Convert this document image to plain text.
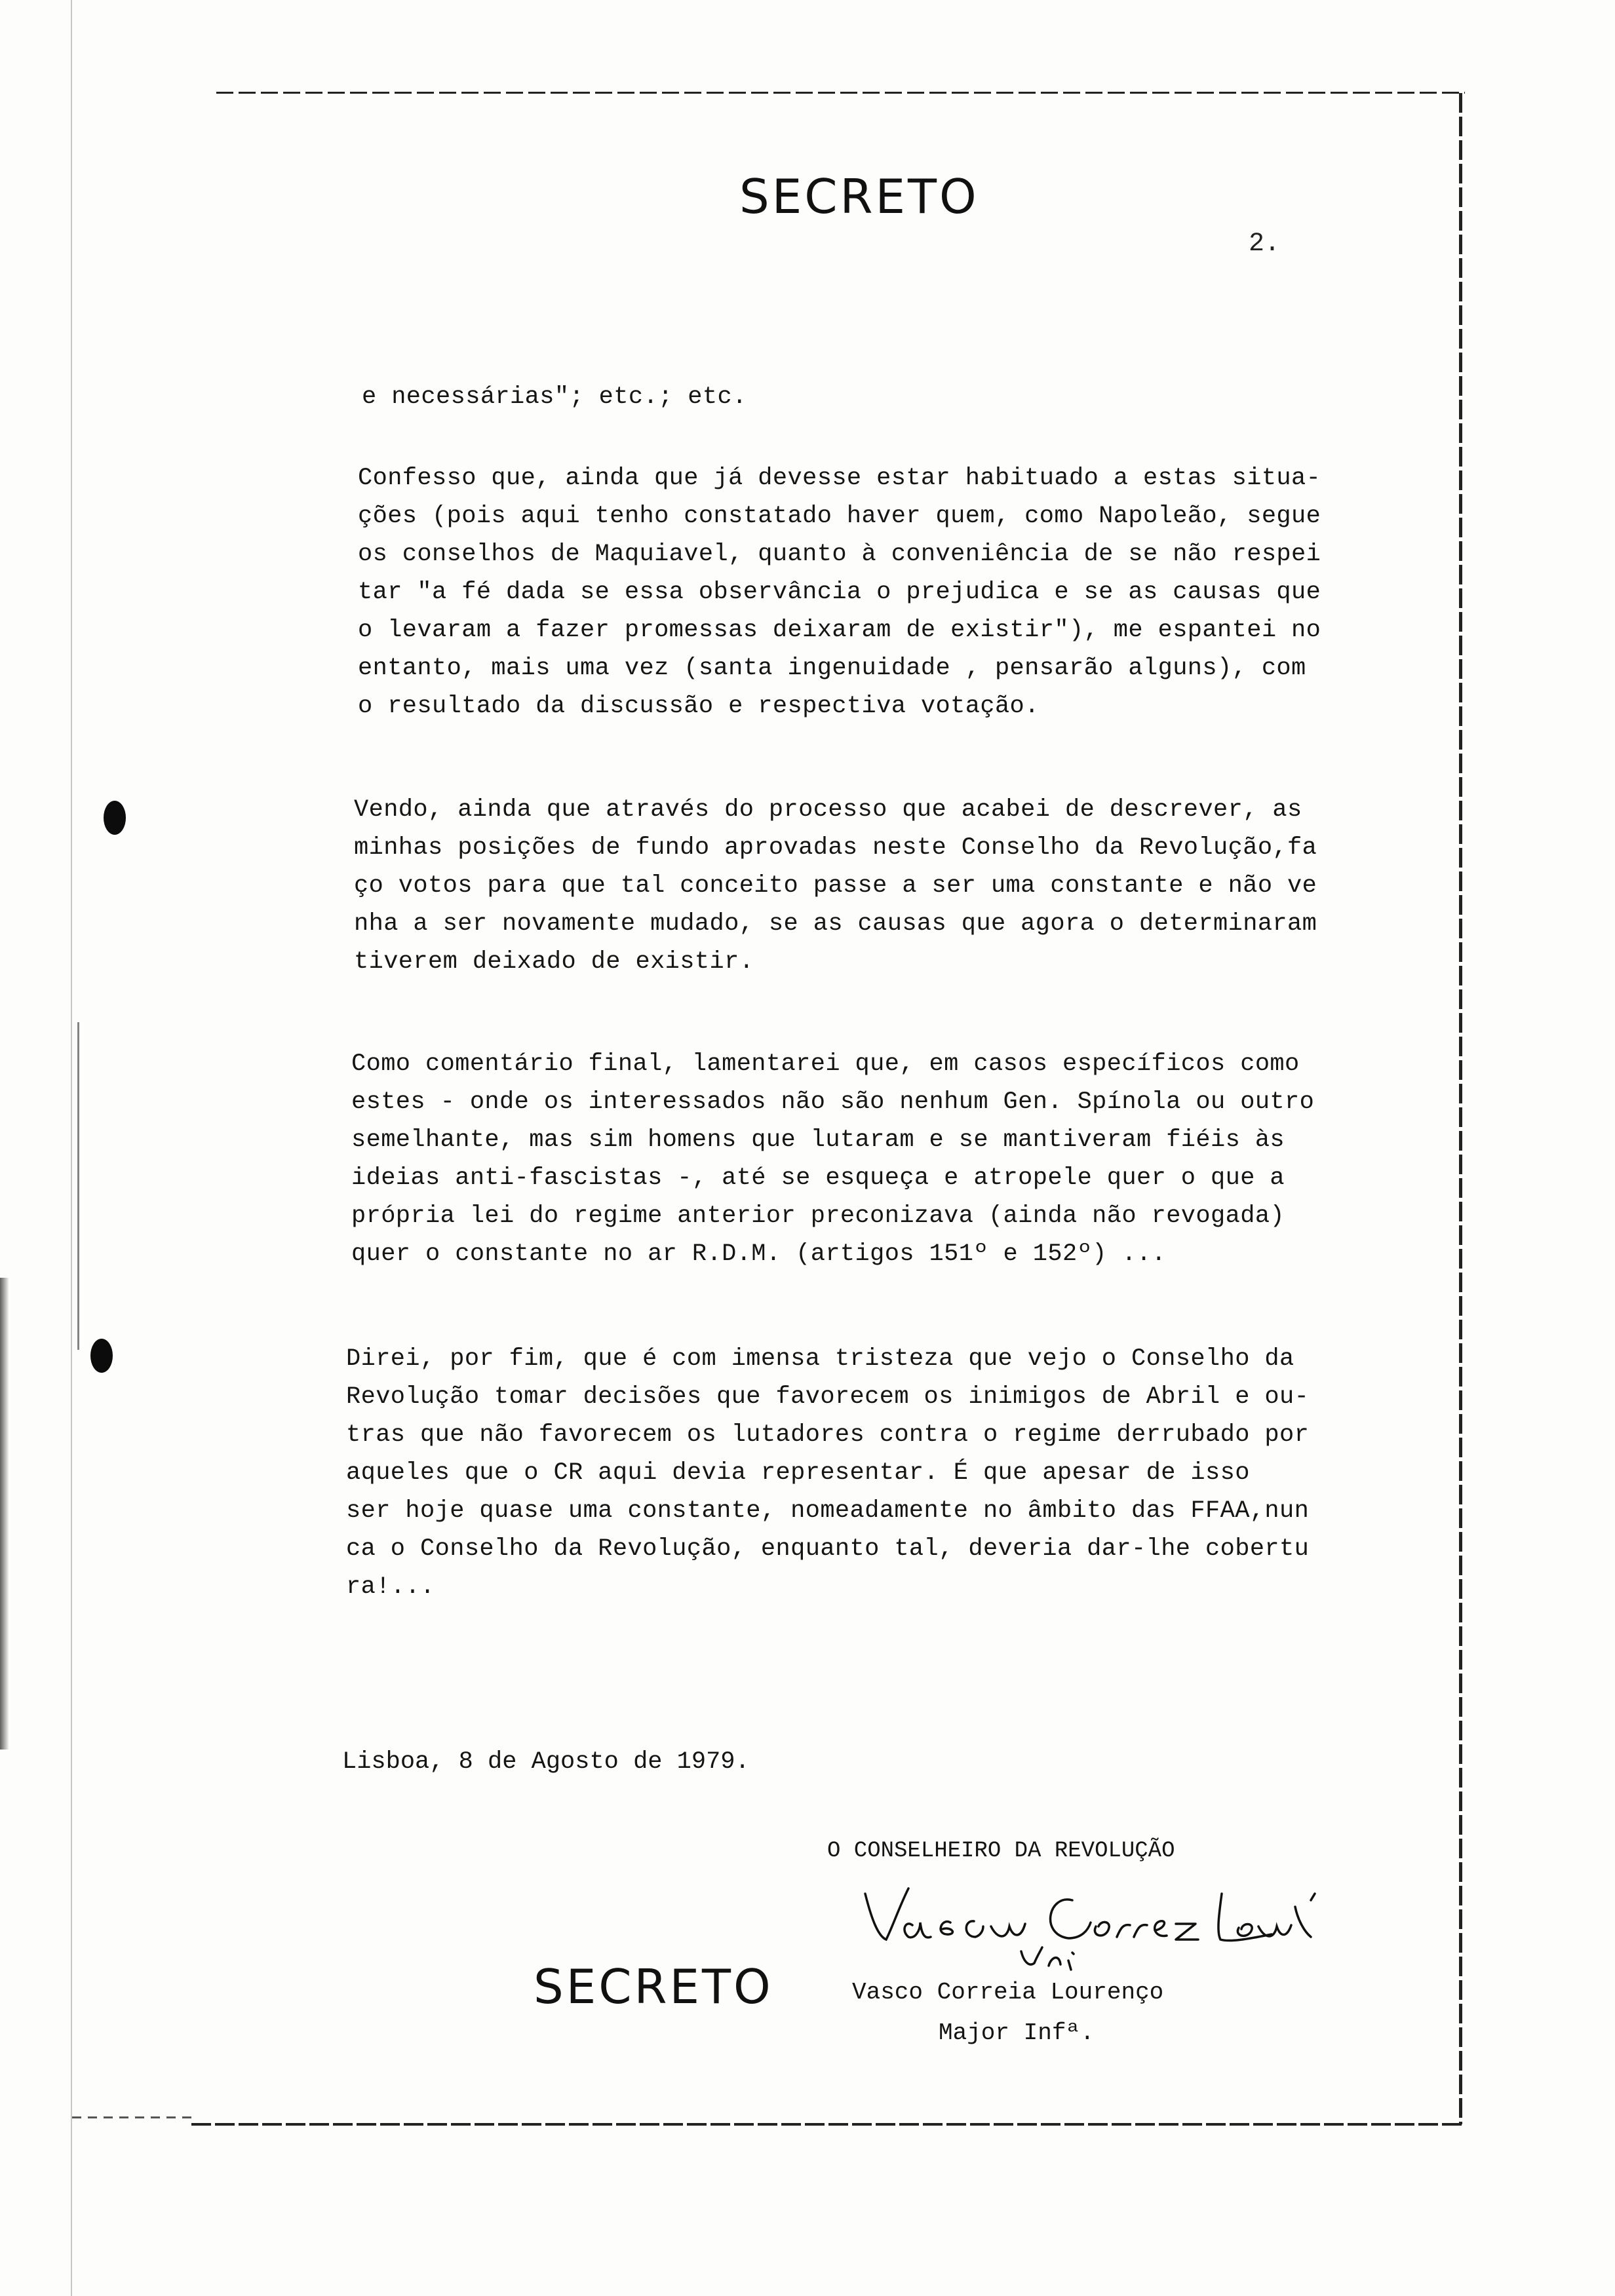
SECRETO
2.
e necessárias"; etc.; etc.
Confesso que, ainda que já devesse estar habituado a estas situa-
ções (pois aqui tenho constatado haver quem, como Napoleão, segue
os conselhos de Maquiavel, quanto à conveniência de se não respei
tar "a fé dada se essa observância o prejudica e se as causas que
o levaram a fazer promessas deixaram de existir"), me espantei no
entanto, mais uma vez (santa ingenuidade , pensarão alguns), com
o resultado da discussão e respectiva votação.
Vendo, ainda que através do processo que acabei de descrever, as
minhas posições de fundo aprovadas neste Conselho da Revolução,fa
ço votos para que tal conceito passe a ser uma constante e não ve
nha a ser novamente mudado, se as causas que agora o determinaram
tiverem deixado de existir.
Como comentário final, lamentarei que, em casos específicos como
estes - onde os interessados não são nenhum Gen. Spínola ou outro
semelhante, mas sim homens que lutaram e se mantiveram fiéis às
ideias anti-fascistas -, até se esqueça e atropele quer o que a
própria lei do regime anterior preconizava (ainda não revogada)
quer o constante no ar R.D.M. (artigos 151º e 152º) ...
Direi, por fim, que é com imensa tristeza que vejo o Conselho da
Revolução tomar decisões que favorecem os inimigos de Abril e ou-
tras que não favorecem os lutadores contra o regime derrubado por
aqueles que o CR aqui devia representar. É que apesar de isso
ser hoje quase uma constante, nomeadamente no âmbito das FFAA,nun
ca o Conselho da Revolução, enquanto tal, deveria dar-lhe cobertu
ra!...
Lisboa, 8 de Agosto de 1979.
O CONSELHEIRO DA REVOLUÇÃO
Vasco Correia Lourenço
Major Infª.
SECRETO
